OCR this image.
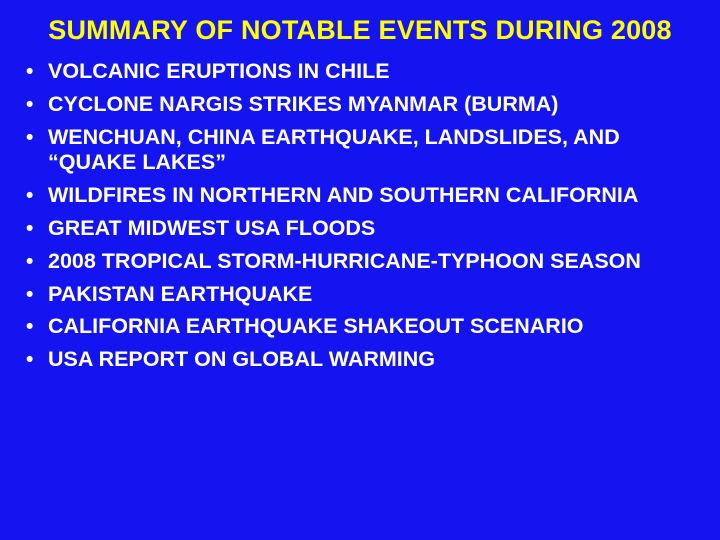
SUMMARY OF NOTABLE EVENTS DURING 2008
• VOLCANIC ERUPTIONS IN CHILE
• CYCLONE NARGIS STRIKES MYANMAR (BURMA)
• WENCHUAN, CHINA EARTHQUAKE, LANDSLIDES, AND “QUAKE LAKES”
• WILDFIRES IN NORTHERN AND SOUTHERN CALIFORNIA
• GREAT MIDWEST USA FLOODS
• 2008 TROPICAL STORM-HURRICANE-TYPHOON SEASON
• PAKISTAN EARTHQUAKE
• CALIFORNIA EARTHQUAKE SHAKEOUT SCENARIO
• USA REPORT ON GLOBAL WARMING
